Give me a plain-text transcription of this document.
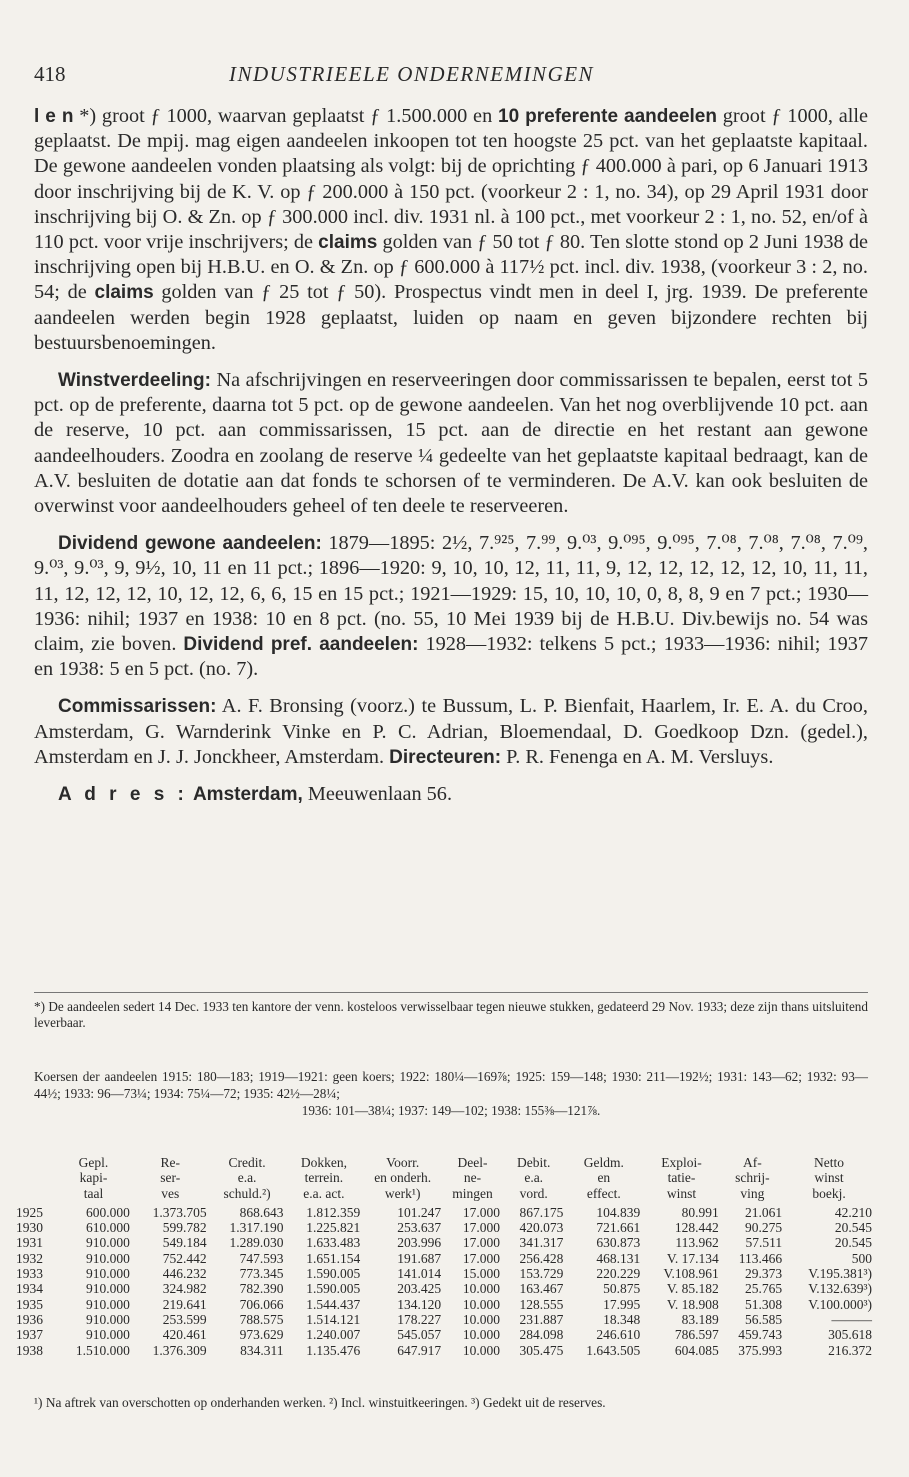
418	INDUSTRIEELE ONDERNEMINGEN

l e n *) groot ƒ 1000, waarvan geplaatst ƒ 1.500.000 en 10 preferente aandeelen groot ƒ 1000, alle geplaatst. De mpij. mag eigen aandeelen inkoopen tot ten hoogste 25 pct. van het geplaatste kapitaal. De gewone aandeelen vonden plaatsing als volgt: bij de oprichting ƒ 400.000 à pari, op 6 Januari 1913 door inschrijving bij de K. V. op ƒ 200.000 à 150 pct. (voorkeur 2 : 1, no. 34), op 29 April 1931 door inschrijving bij O. & Zn. op ƒ 300.000 incl. div. 1931 nl. à 100 pct., met voorkeur 2 : 1, no. 52, en/of à 110 pct. voor vrije inschrijvers; de claims golden van ƒ 50 tot ƒ 80. Ten slotte stond op 2 Juni 1938 de inschrijving open bij H.B.U. en O. & Zn. op ƒ 600.000 à 117½ pct. incl. div. 1938, (voorkeur 3 : 2, no. 54; de claims golden van ƒ 25 tot ƒ 50). Prospectus vindt men in deel I, jrg. 1939. De preferente aandeelen werden begin 1928 geplaatst, luiden op naam en geven bijzondere rechten bij bestuursbenoemingen.

Winstverdeeling: Na afschrijvingen en reserveeringen door commissarissen te bepalen, eerst tot 5 pct. op de preferente, daarna tot 5 pct. op de gewone aandeelen. Van het nog overblijvende 10 pct. aan de reserve, 10 pct. aan commissarissen, 15 pct. aan de directie en het restant aan gewone aandeelhouders. Zoodra en zoolang de reserve ¼ gedeelte van het geplaatste kapitaal bedraagt, kan de A.V. besluiten de dotatie aan dat fonds te schorsen of te verminderen. De A.V. kan ook besluiten de overwinst voor aandeelhouders geheel of ten deele te reserveeren.

Dividend gewone aandeelen: 1879—1895: 2½, 7.⁹²⁵, 7.⁹⁹, 9.⁰³, 9.⁰⁹⁵, 9.⁰⁹⁵, 7.⁰⁸, 7.⁰⁸, 7.⁰⁸, 7.⁰⁹, 9.⁰³, 9.⁰³, 9, 9½, 10, 11 en 11 pct.; 1896—1920: 9, 10, 10, 12, 11, 11, 9, 12, 12, 12, 12, 12, 10, 11, 11, 11, 12, 12, 12, 10, 12, 12, 6, 6, 15 en 15 pct.; 1921—1929: 15, 10, 10, 10, 0, 8, 8, 9 en 7 pct.; 1930—1936: nihil; 1937 en 1938: 10 en 8 pct. (no. 55, 10 Mei 1939 bij de H.B.U. Div.bewijs no. 54 was claim, zie boven. Dividend pref. aandeelen: 1928—1932: telkens 5 pct.; 1933—1936: nihil; 1937 en 1938: 5 en 5 pct. (no. 7).

Commissarissen: A. F. Bronsing (voorz.) te Bussum, L. P. Bienfait, Haarlem, Ir. E. A. du Croo, Amsterdam, G. Warnderink Vinke en P. C. Adrian, Bloemendaal, D. Goedkoop Dzn. (gedel.), Amsterdam en J. J. Jonckheer, Amsterdam. Directeuren: P. R. Fenenga en A. M. Versluys.

A d r e s : Amsterdam, Meeuwenlaan 56.

*) De aandeelen sedert 14 Dec. 1933 ten kantore der venn. kosteloos verwisselbaar tegen nieuwe stukken, gedateerd 29 Nov. 1933; deze zijn thans uitsluitend leverbaar.
Koersen der aandeelen 1915: 180—183; 1919—1921: geen koers; 1922: 180¼—169⅞; 1925: 159—148; 1930: 211—192½; 1931: 143—62; 1932: 93—44½; 1933: 96—73¼; 1934: 75¼—72; 1935: 42½—28¼;
1936: 101—38¼; 1937: 149—102; 1938: 155⅜—121⅞.

	Gepl.
kapi-
taal	Re-
ser-
ves	Credit.
e.a.
schuld.²)	Dokken,
terrein.
e.a. act.	Voorr.
en onderh.
werk¹)	Deel-
ne-
mingen	Debit.
e.a.
vord.	Geldm.
en
effect.	Exploi-
tatie-
winst	Af-
schrij-
ving	Netto
winst
boekj.
1925	600.000	1.373.705	868.643	1.812.359	101.247	17.000	867.175	104.839	80.991	21.061	42.210
1930	610.000	599.782	1.317.190	1.225.821	253.637	17.000	420.073	721.661	128.442	90.275	20.545
1931	910.000	549.184	1.289.030	1.633.483	203.996	17.000	341.317	630.873	113.962	57.511	20.545
1932	910.000	752.442	747.593	1.651.154	191.687	17.000	256.428	468.131	V. 17.134	113.466	500
1933	910.000	446.232	773.345	1.590.005	141.014	15.000	153.729	220.229	V.108.961	29.373	V.195.381³)
1934	910.000	324.982	782.390	1.590.005	203.425	10.000	163.467	50.875	V. 85.182	25.765	V.132.639³)
1935	910.000	219.641	706.066	1.544.437	134.120	10.000	128.555	17.995	V. 18.908	51.308	V.100.000³)
1936	910.000	253.599	788.575	1.514.121	178.227	10.000	231.887	18.348	83.189	56.585	———
1937	910.000	420.461	973.629	1.240.007	545.057	10.000	284.098	246.610	786.597	459.743	305.618
1938	1.510.000	1.376.309	834.311	1.135.476	647.917	10.000	305.475	1.643.505	604.085	375.993	216.372
¹) Na aftrek van overschotten op onderhanden werken. ²) Incl. winstuitkeeringen. ³) Gedekt uit de reserves.
